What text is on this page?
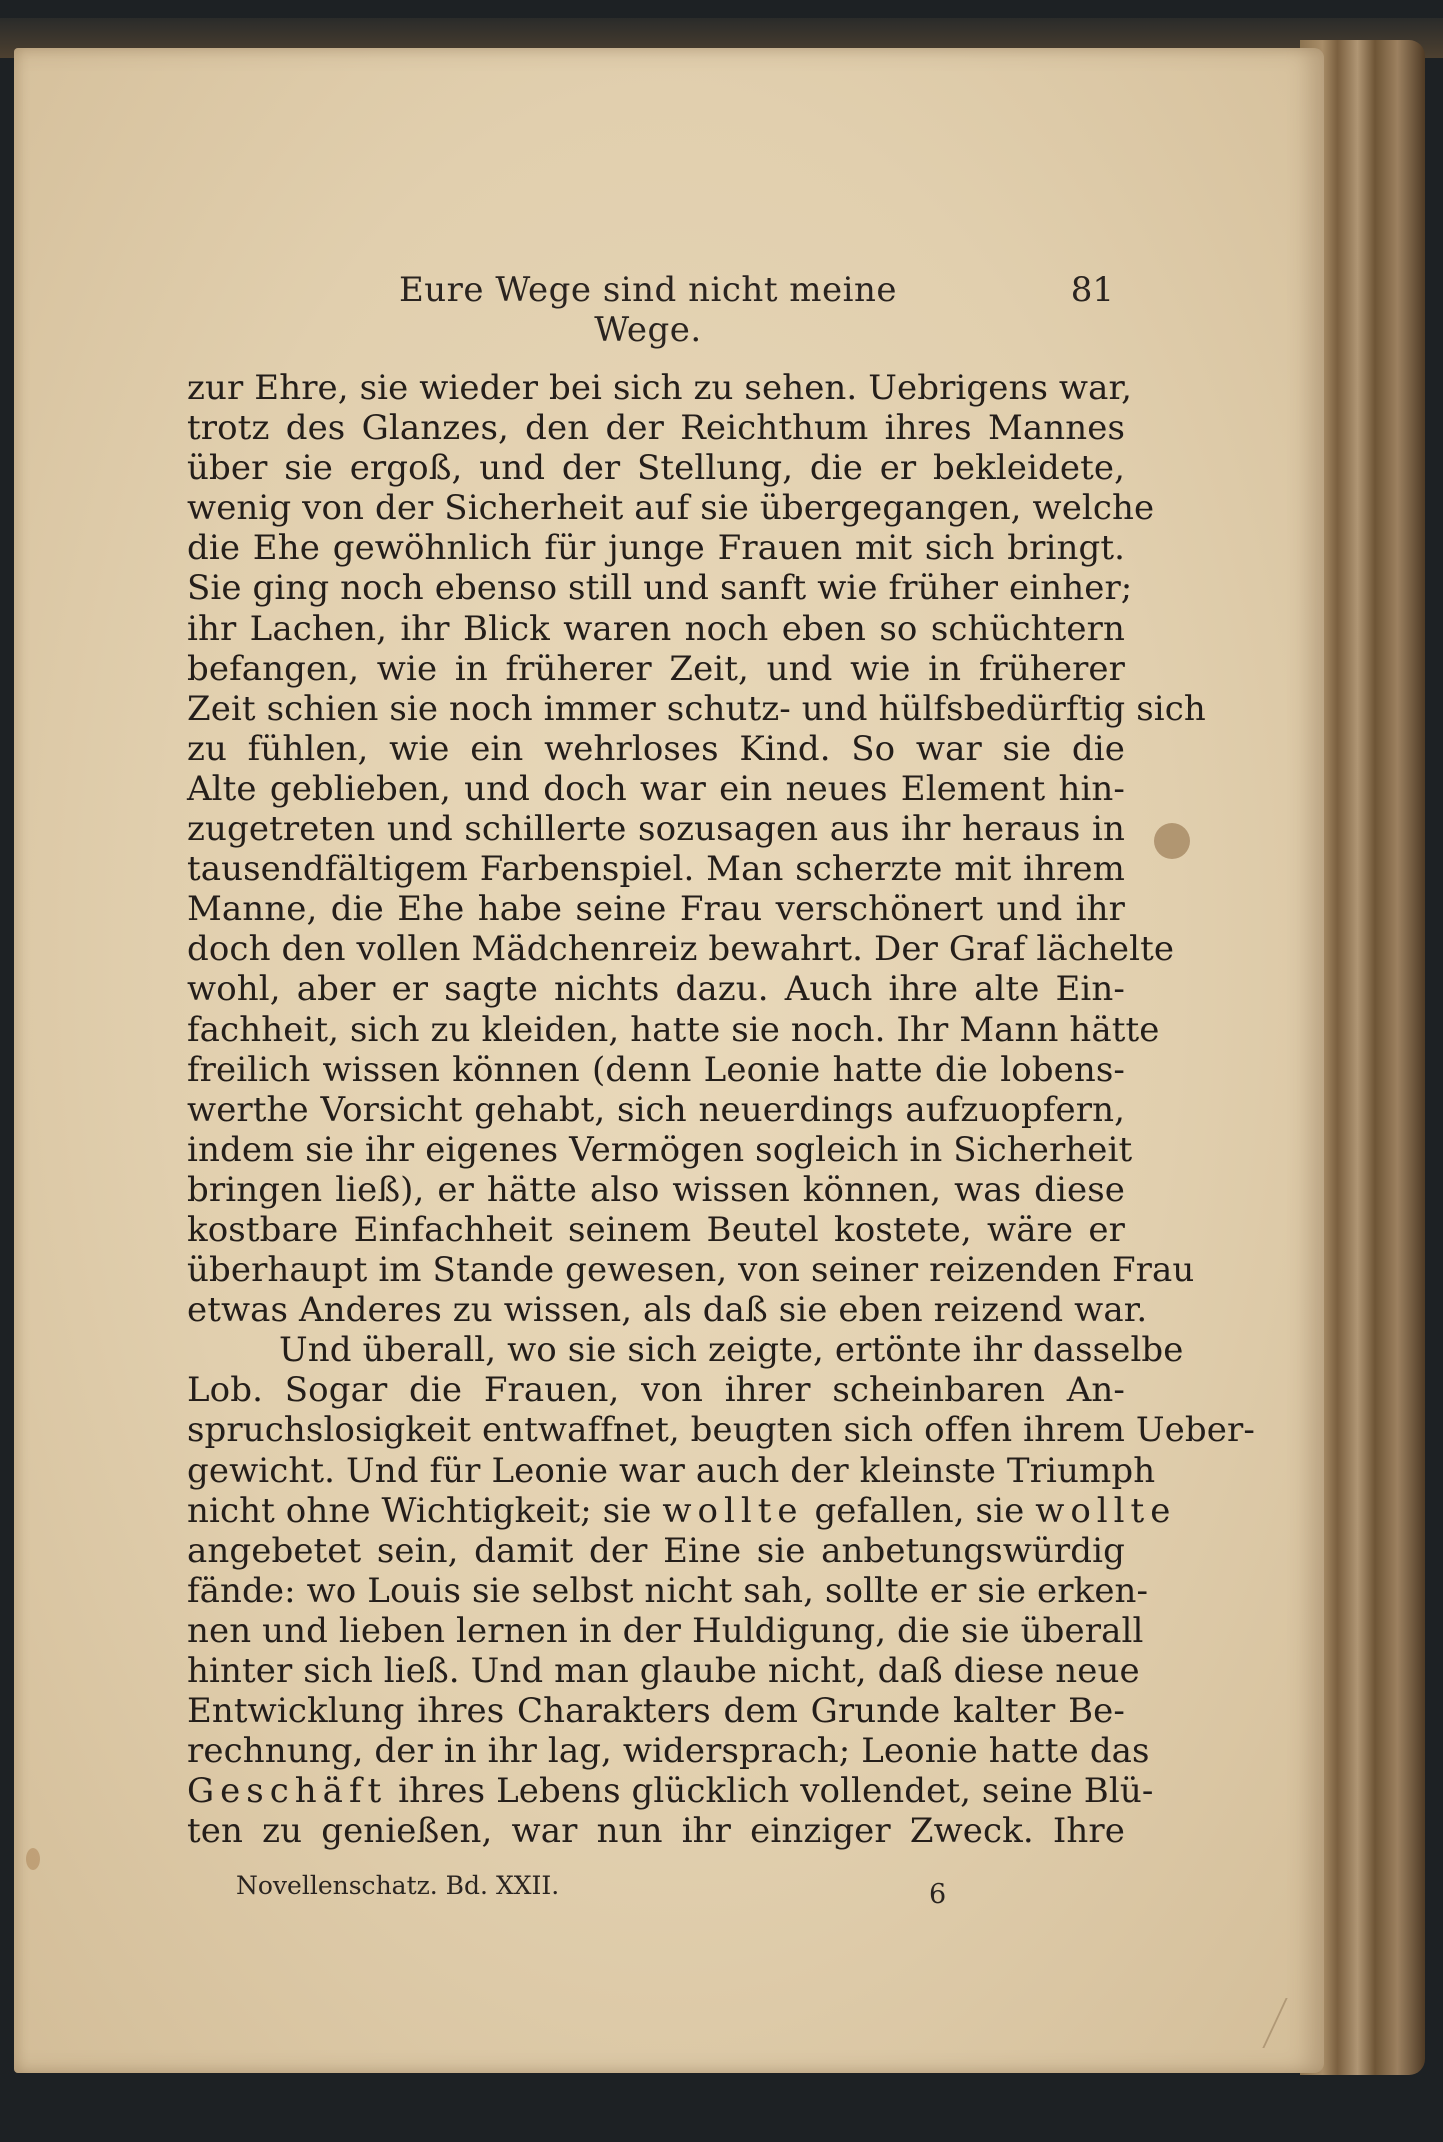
Eure Wege sind nicht meine Wege.
81
zur Ehre, sie wieder bei sich zu sehen. Uebrigens war,
trotz des Glanzes, den der Reichthum ihres Mannes
über sie ergoß, und der Stellung, die er bekleidete,
wenig von der Sicherheit auf sie übergegangen, welche
die Ehe gewöhnlich für junge Frauen mit sich bringt.
Sie ging noch ebenso still und sanft wie früher einher;
ihr Lachen, ihr Blick waren noch eben so schüchtern
befangen, wie in früherer Zeit, und wie in früherer
Zeit schien sie noch immer schutz- und hülfsbedürftig sich
zu fühlen, wie ein wehrloses Kind. So war sie die
Alte geblieben, und doch war ein neues Element hin-
zugetreten und schillerte sozusagen aus ihr heraus in
tausendfältigem Farbenspiel. Man scherzte mit ihrem
Manne, die Ehe habe seine Frau verschönert und ihr
doch den vollen Mädchenreiz bewahrt. Der Graf lächelte
wohl, aber er sagte nichts dazu. Auch ihre alte Ein-
fachheit, sich zu kleiden, hatte sie noch. Ihr Mann hätte
freilich wissen können (denn Leonie hatte die lobens-
werthe Vorsicht gehabt, sich neuerdings aufzuopfern,
indem sie ihr eigenes Vermögen sogleich in Sicherheit
bringen ließ), er hätte also wissen können, was diese
kostbare Einfachheit seinem Beutel kostete, wäre er
überhaupt im Stande gewesen, von seiner reizenden Frau
etwas Anderes zu wissen, als daß sie eben reizend war.
Und überall, wo sie sich zeigte, ertönte ihr dasselbe
Lob. Sogar die Frauen, von ihrer scheinbaren An-
spruchslosigkeit entwaffnet, beugten sich offen ihrem Ueber-
gewicht. Und für Leonie war auch der kleinste Triumph
nicht ohne Wichtigkeit; sie wollte gefallen, sie wollte
angebetet sein, damit der Eine sie anbetungswürdig
fände: wo Louis sie selbst nicht sah, sollte er sie erken-
nen und lieben lernen in der Huldigung, die sie überall
hinter sich ließ. Und man glaube nicht, daß diese neue
Entwicklung ihres Charakters dem Grunde kalter Be-
rechnung, der in ihr lag, widersprach; Leonie hatte das
Geschäft ihres Lebens glücklich vollendet, seine Blü-
ten zu genießen, war nun ihr einziger Zweck. Ihre
Novellenschatz. Bd. XXII.	6
